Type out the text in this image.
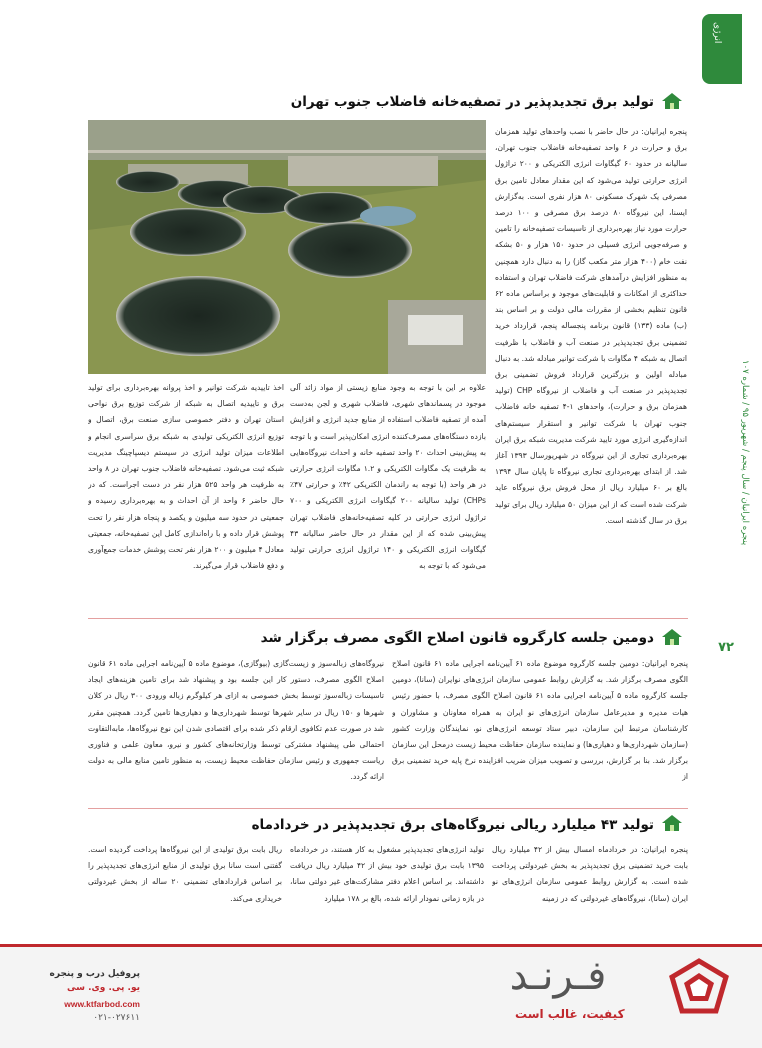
انرژی
پنجره ایرانیان / سال پنجم / شهریور ۹۵ / شماره ۱۰۷
۷۲
تولید برق تجدیدپذیر در تصفیه‌خانه فاضلاب جنوب تهران
پنجره ایرانیان: در حال حاضر با نصب واحدهای تولید همزمان برق و حرارت در ۶ واحد تصفیه‌خانه فاضلاب جنوب تهران، سالیانه در حدود ۶۰ گیگاوات انرژی الکتریکی و ۲۰۰ تراژول انرژی حرارتی تولید می‌شود که این مقدار معادل تامین برق مصرفی یک شهرک مسکونی ۸۰ هزار نفری است. به‌گزارش ایسنا، این نیروگاه ۸۰ درصد برق مصرفی و ۱۰۰ درصد حرارت مورد نیاز بهره‌برداری از تاسیسات تصفیه‌خانه را تامین و صرفه‌جویی انرژی فسیلی در حدود ۱۵۰ هزار و ۵۰ بشکه نفت خام (۴۰۰ هزار متر مکعب گاز) را به دنبال دارد همچنین به منظور افزایش درآمدهای شرکت فاضلاب تهران و استفاده حداکثری از امکانات و قابلیت‌های موجود و براساس ماده ۶۲ قانون تنظیم بخشی از مقررات مالی دولت و بر اساس بند (ب) ماده (۱۳۳) قانون برنامه پنجساله پنجم، قرارداد خرید تضمینی برق تجدیدپذیر در صنعت آب و فاضلاب با ظرفیت اتصال به شبکه ۴ مگاوات با شرکت توانیر مبادله شد. به دنبال مبادله اولین و بزرگترین قرارداد فروش تضمینی برق تجدیدپذیر در صنعت آب و فاضلاب از نیروگاه CHP (تولید همزمان برق و حرارت)، واحدهای ۱-۴ تصفیه خانه فاضلاب جنوب تهران با شرکت توانیر و استقرار سیستم‌های اندازه‌گیری انرژی مورد تایید شرکت مدیریت شبکه برق ایران بهره‌برداری تجاری از این نیروگاه در شهریورسال ۱۳۹۳ آغاز شد. از ابتدای بهره‌برداری تجاری نیروگاه تا پایان سال ۱۳۹۴ بالغ بر ۶۰ میلیارد ریال از محل فروش برق نیروگاه عاید شرکت شده است که از این میزان ۵۰ میلیارد ریال برای تولید برق در سال گذشته است.
علاوه بر این با توجه به وجود منابع زیستی از مواد زائد آلی موجود در پسماندهای شهری، فاضلاب شهری و لجن به‌دست آمده از تصفیه فاضلاب استفاده از منابع جدید انرژی و افزایش بازده دستگاه‌های مصرف‌کننده انرژی امکان‌پذیر است و با توجه به پیش‌بینی احداث ۲۰ واحد تصفیه خانه و احداث نیروگاه‌هایی به ظرفیت یک مگاوات الکتریکی و ۱.۲ مگاوات انرژی حرارتی در هر واحد (با توجه به راندمان الکتریکی ۴۲٪ و حرارتی ۴۷٪ CHPs) تولید سالیانه ۲۰۰ گیگاوات انرژی الکتریکی و ۷۰۰ تراژول انرژی حرارتی در کلیه تصفیه‌خانه‌های فاضلاب تهران پیش‌بینی شده که از این مقدار در حال حاضر سالیانه ۴۳ گیگاوات انرژی الکتریکی و ۱۴۰ تراژول انرژی حرارتی تولید می‌شود که با توجه به
اخذ تاییدیه شرکت توانیر و اخذ پروانه بهره‌برداری برای تولید برق و تاییدیه اتصال به شبکه از شرکت توزیع برق نواحی استان تهران و دفتر خصوصی سازی صنعت برق، اتصال و توزیع انرژی الکتریکی تولیدی به شبکه برق سراسری انجام و اطلاعات میزان تولید انرژی در سیستم دیسپاچینگ مدیریت شبکه ثبت می‌شود. تصفیه‌خانه فاضلاب جنوب تهران در ۸ واحد به ظرفیت هر واحد ۵۲۵ هزار نفر در دست اجراست. که در حال حاضر ۶ واحد از آن احداث و به بهره‌برداری رسیده و جمعیتی در حدود سه میلیون و یکصد و پنجاه هزار نفر را تحت پوشش قرار داده و با راه‌اندازی کامل این تصفیه‌خانه، جمعیتی معادل ۴ میلیون و ۲۰۰ هزار نفر تحت پوشش خدمات جمع‌آوری و دفع فاضلاب قرار می‌گیرند.
دومین جلسه کارگروه قانون اصلاح الگوی مصرف برگزار شد
پنجره ایرانیان: دومین جلسه کارگروه موضوع ماده ۶۱ آیین‌نامه اجرایی ماده ۶۱ قانون اصلاح الگوی مصرف برگزار شد. به گزارش روابط عمومی سازمان انرژی‌های نوایران (سانا)، دومین جلسه کارگروه ماده ۵ آیین‌نامه اجرایی ماده ۶۱ قانون اصلاح الگوی مصرف، با حضور رئیس هیات مدیره و مدیرعامل سازمان انرژی‌های نو ایران به همراه معاونان و مشاوران و کارشناسان مرتبط این سازمان، دبیر ستاد توسعه انرژی‌های نو، نمایندگان وزارت کشور (سازمان شهرداری‌ها و دهیاری‌ها) و نماینده سازمان حفاظت محیط زیست درمحل این سازمان برگزار شد. بنا بر گزارش، بررسی و تصویب میزان ضریب افزاینده نرخ پایه خرید تضمینی برق از
نیروگاه‌های زباله‌سوز و زیست‌گازی (بیوگازی)، موضوع ماده ۵ آیین‌نامه اجرایی ماده ۶۱ قانون اصلاح الگوی مصرف، دستور کار این جلسه بود و پیشنهاد شد برای تامین هزینه‌های ایجاد تاسیسات زباله‌سوز توسط بخش خصوصی به ازای هر کیلوگرم زباله ورودی ۳۰۰ ریال در کلان شهرها و ۱۵۰ ریال در سایر شهرها توسط شهرداری‌ها و دهیاری‌ها تامین گردد. همچنین مقرر شد در صورت عدم تکافوی ارقام ذکر شده برای اقتصادی شدن این نوع نیروگاه‌ها، مابه‌التفاوت احتمالی طی پیشنهاد مشترکی توسط وزارتخانه‌های کشور و نیرو، معاون علمی و فناوری ریاست جمهوری و رئیس سازمان حفاظت محیط زیست، به منظور تامین منابع مالی به دولت ارائه گردد.
تولید ۴۳ میلیارد ریالی نیروگاه‌های برق تجدیدپذیر در خردادماه
پنجره ایرانیان: در خردادماه امسال بیش از ۴۲ میلیارد ریال بابت خرید تضمینی برق تجدیدپذیر به بخش غیردولتی پرداخت شده است. به گزارش روابط عمومی سازمان انرژی‌های نو ایران (سانا)، نیروگاه‌های غیردولتی که در زمینه
تولید انرژی‌های تجدیدپذیر مشغول به کار هستند، در خردادماه ۱۳۹۵ بابت برق تولیدی خود بیش از ۴۲ میلیارد ریال دریافت داشته‌اند. بر اساس اعلام دفتر مشارکت‌های غیر دولتی سانا، در بازه زمانی نمودار ارائه شده، بالغ بر ۱۷۸ میلیارد
ریال بابت برق تولیدی از این نیروگاه‌ها پرداخت گردیده است. گفتنی است سانا برق تولیدی از منابع انرژی‌های تجدیدپذیر را بر اساس قراردادهای تضمینی ۲۰ ساله از بخش غیردولتی خریداری می‌کند.
کیفیت، غالب است
فـرنـد
پروفیل درب و پنجره
یو. پی. وی. سی
www.ktfarbod.com
۰۲۱-۰۲۷۶۱۱
